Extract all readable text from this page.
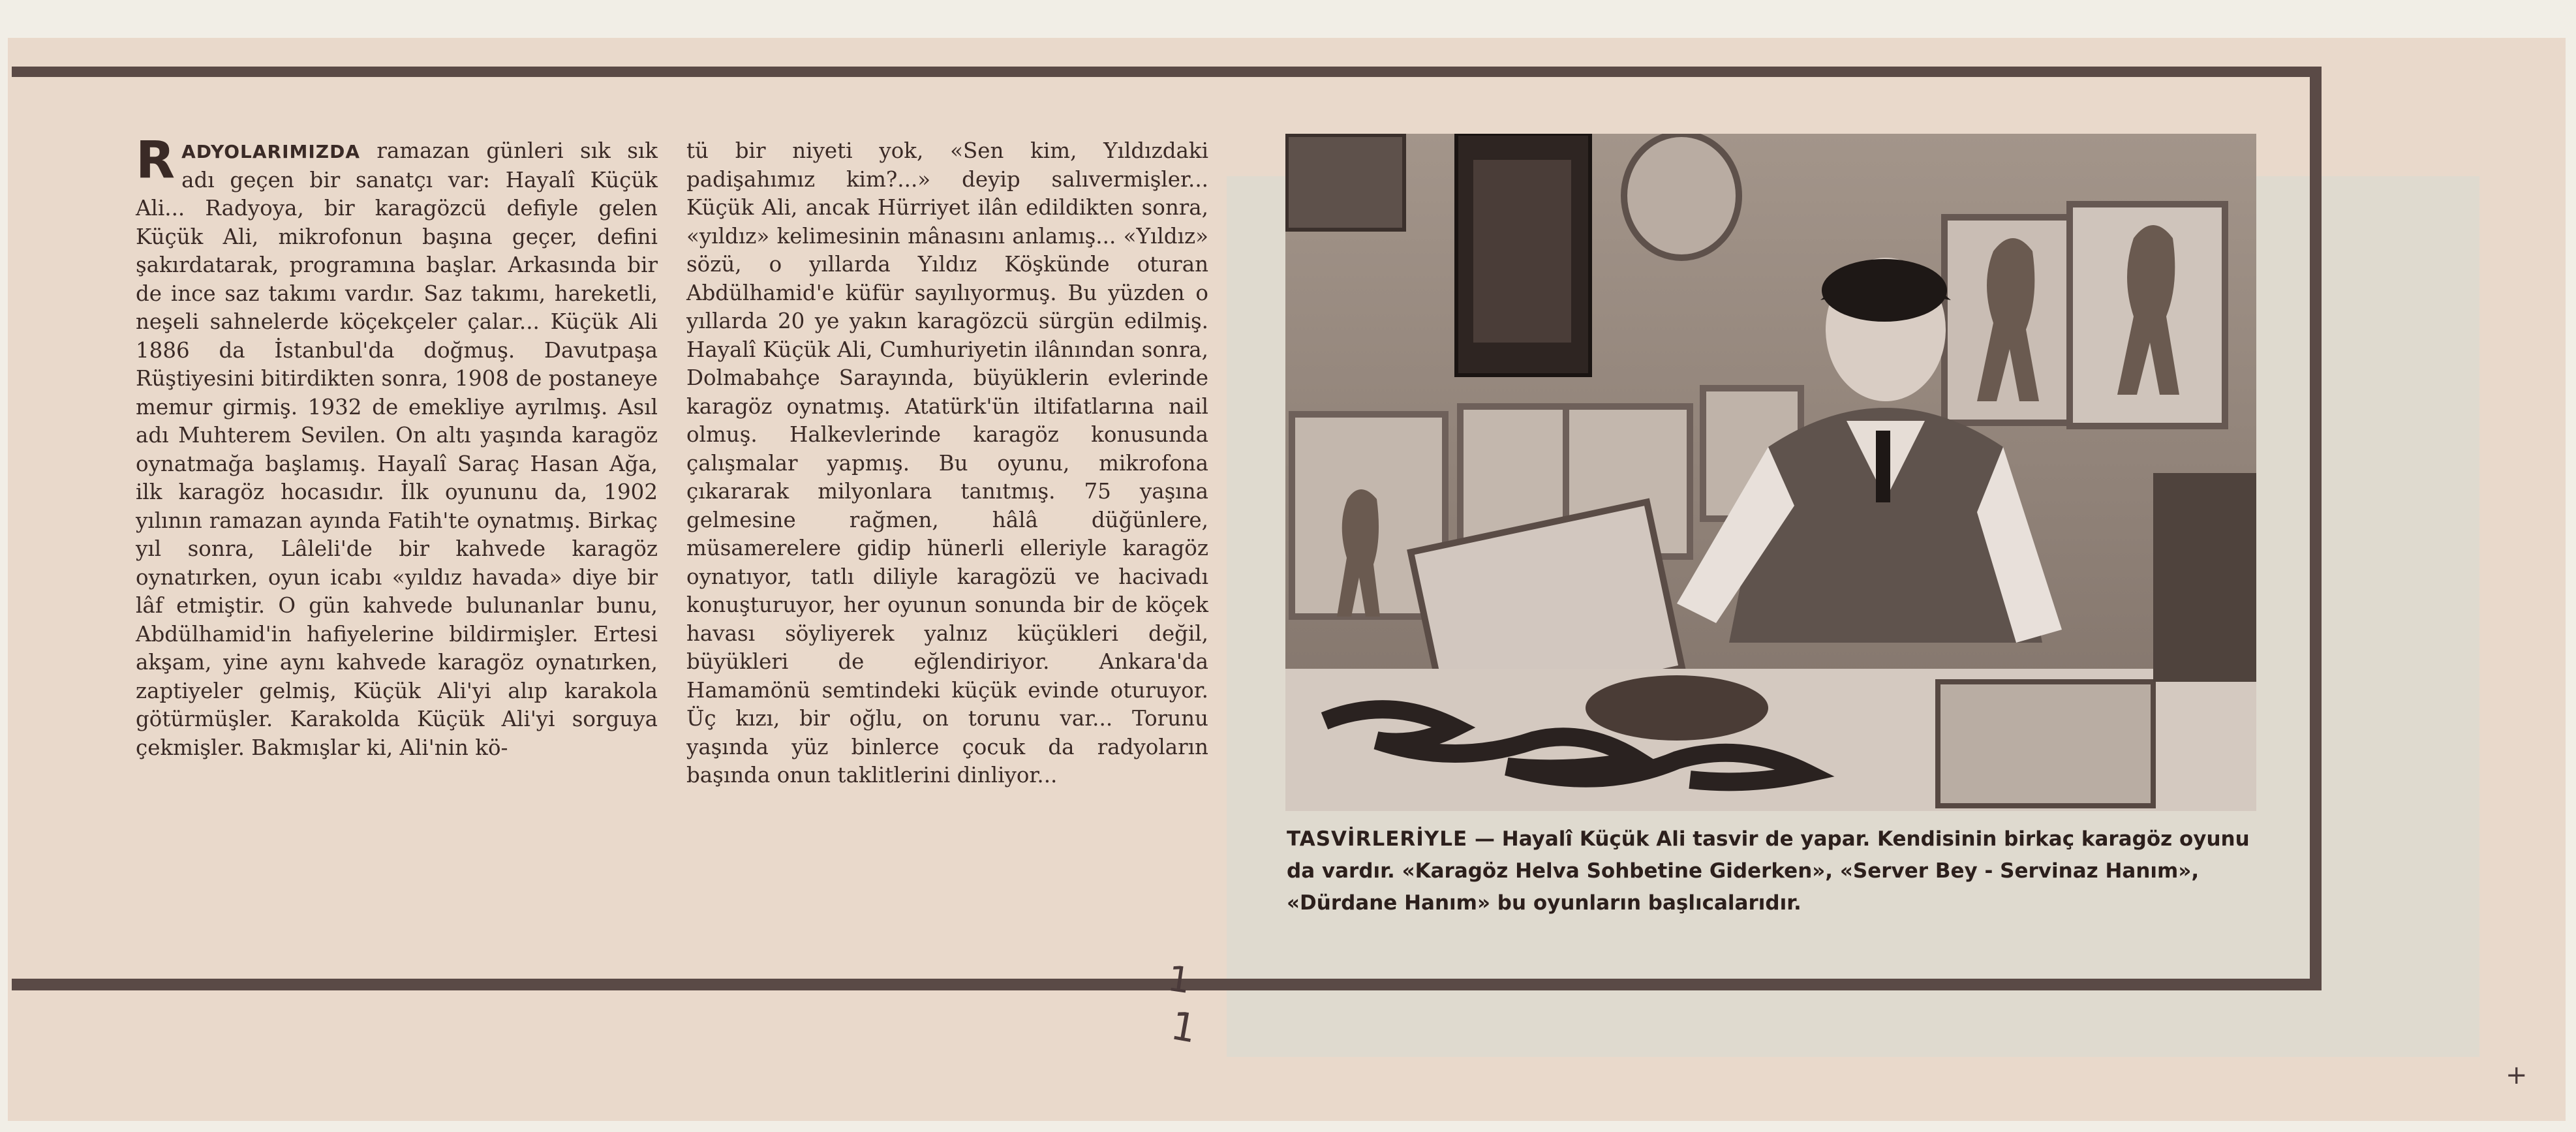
RADYOLARIMIZDA ramazan günleri sık sık adı geçen bir sanatçı var: Hayalî Küçük Ali... Radyoya, bir karagözcü defiyle gelen Küçük Ali, mikrofonun başına geçer, defini şakırdatarak, programına başlar. Arkasında bir de ince saz takımı vardır. Saz takımı, hareketli, neşeli sahnelerde köçekçeler çalar... Küçük Ali 1886 da İstanbul'da doğmuş. Davutpaşa Rüştiyesini bitirdikten sonra, 1908 de postaneye memur girmiş. 1932 de emekliye ayrılmış. Asıl adı Muhterem Sevilen. On altı yaşında karagöz oynatmağa başlamış. Hayalî Saraç Hasan Ağa, ilk karagöz hocasıdır. İlk oyununu da, 1902 yılının ramazan ayında Fatih'te oynatmış. Birkaç yıl sonra, Lâleli'de bir kahvede karagöz oynatırken, oyun icabı «yıldız havada» diye bir lâf etmiştir. O gün kahvede bulunanlar bunu, Abdülhamid'in hafiyelerine bildirmişler. Ertesi akşam, yine aynı kahvede karagöz oynatırken, zaptiyeler gelmiş, Küçük Ali'yi alıp karakola götürmüşler. Karakolda Küçük Ali'yi sorguya çekmişler. Bakmışlar ki, Ali'nin kö-
tü bir niyeti yok, «Sen kim, Yıldızdaki padişahımız kim?...» deyip salıvermişler... Küçük Ali, ancak Hürriyet ilân edildikten sonra, «yıldız» kelimesinin mânasını anlamış... «Yıldız» sözü, o yıllarda Yıldız Köşkünde oturan Abdülhamid'e küfür sayılıyormuş. Bu yüzden o yıllarda 20 ye yakın karagözcü sürgün edilmiş. Hayalî Küçük Ali, Cumhuriyetin ilânından sonra, Dolmabahçe Sarayında, büyüklerin evlerinde karagöz oynatmış. Atatürk'ün iltifatlarına nail olmuş. Halkevlerinde karagöz konusunda çalışmalar yapmış. Bu oyunu, mikrofona çıkararak milyonlara tanıtmış. 75 yaşına gelmesine rağmen, hâlâ düğünlere, müsamerelere gidip hünerli elleriyle karagöz oynatıyor, tatlı diliyle karagözü ve hacivadı konuşturuyor, her oyunun sonunda bir de köçek havası söyliyerek yalnız küçükleri değil, büyükleri de eğlendiriyor. Ankara'da Hamamönü semtindeki küçük evinde oturuyor. Üç kızı, bir oğlu, on torunu var... Torunu yaşında yüz binlerce çocuk da radyoların başında onun taklitlerini dinliyor...
TASVİRLERİYLE — Hayalî Küçük Ali tasvir de yapar. Kendisinin birkaç karagöz oyunu da vardır. «Karagöz Helva Sohbetine Giderken», «Server Bey - Servinaz Hanım», «Dürdane Hanım» bu oyunların başlıcalarıdır.
1
1
+
